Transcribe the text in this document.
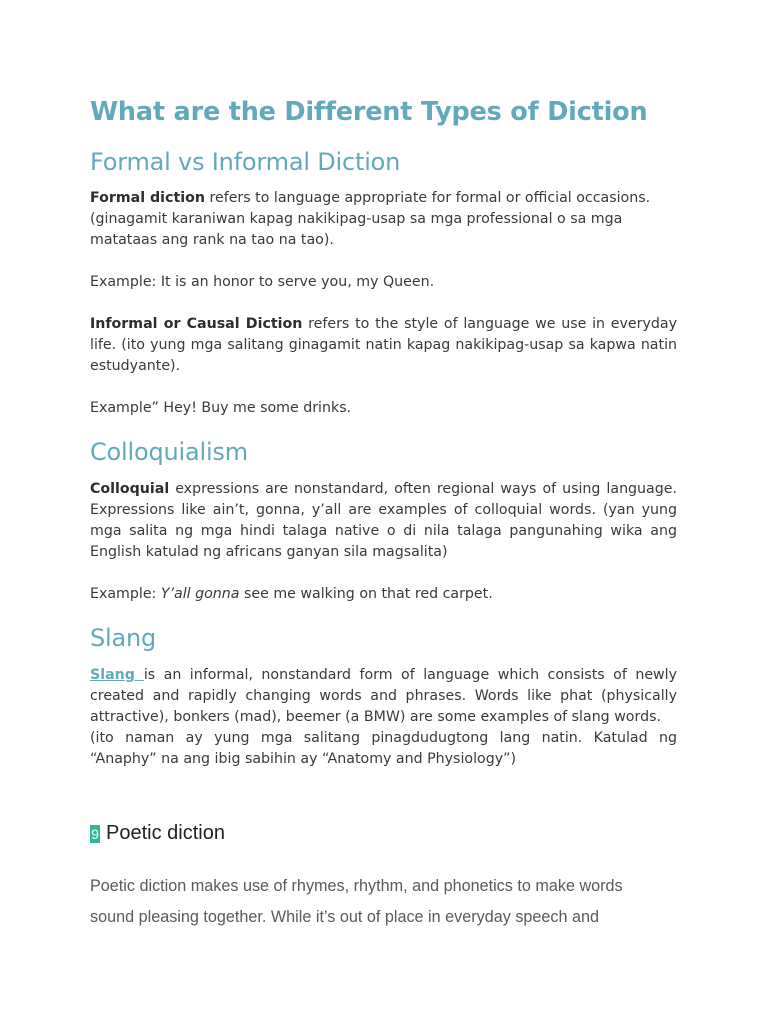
What are the Different Types of Diction
Formal vs Informal Diction

Formal diction refers to language appropriate for formal or official occasions. (ginagamit karaniwan kapag nakikipag-usap sa mga professional o sa mga matataas ang rank na tao na tao).

Example: It is an honor to serve you, my Queen.

Informal or Causal Diction refers to the style of language we use in everyday life. (ito yung mga salitang ginagamit natin kapag nakikipag-usap sa kapwa natin estudyante).

Example” Hey! Buy me some drinks.

Colloquialism

Colloquial expressions are nonstandard, often regional ways of using language. Expressions like ain’t, gonna, y’all are examples of colloquial words. (yan yung mga salita ng mga hindi talaga native o di nila talaga pangunahing wika ang English katulad ng africans ganyan sila magsalita)

Example: Y’all gonna see me walking on that red carpet.

Slang

Slang is an informal, nonstandard form of language which consists of newly created and rapidly changing words and phrases. Words like phat (physically attractive), bonkers (mad), beemer (a BMW) are some examples of slang words.

(ito naman ay yung mga salitang pinagdudugtong lang natin. Katulad ng “Anaphy” na ang ibig sabihin ay “Anatomy and Physiology”)

9 Poetic diction
Poetic diction makes use of rhymes, rhythm, and phonetics to make words
sound pleasing together. While it’s out of place in everyday speech and
